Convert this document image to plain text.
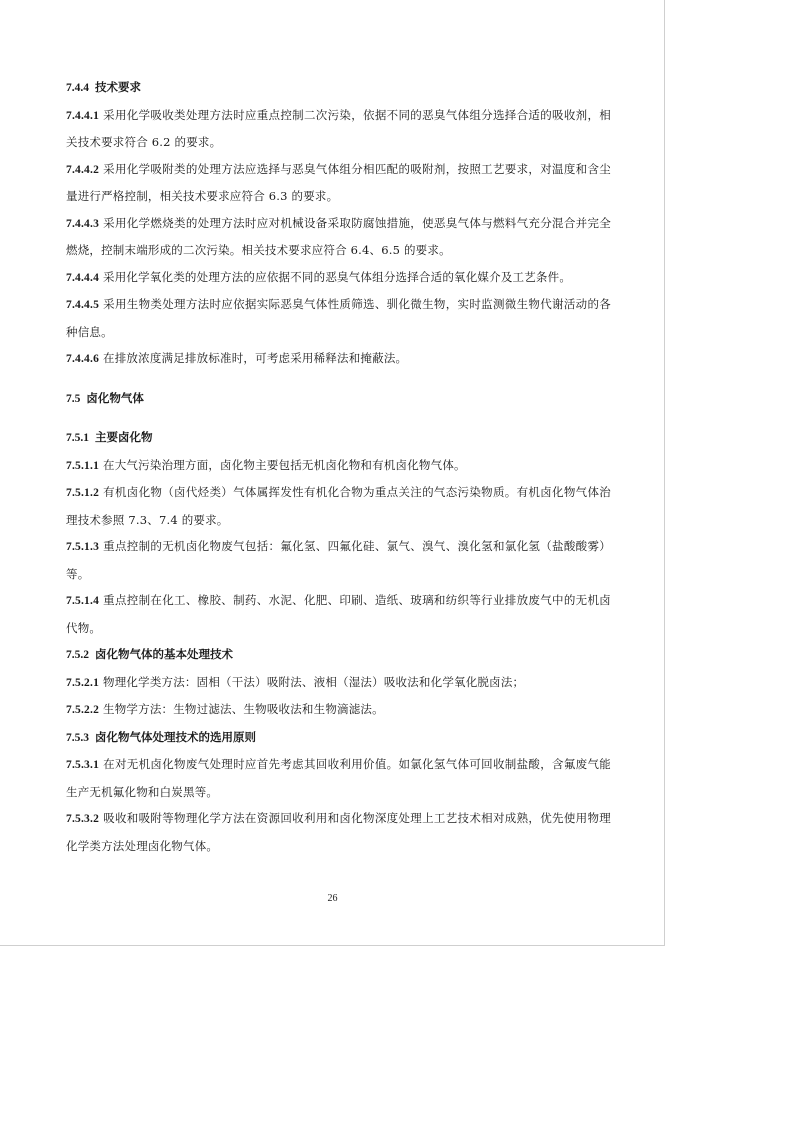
7.4.4 技术要求

7.4.4.1 采用化学吸收类处理方法时应重点控制二次污染，依据不同的恶臭气体组分选择合适的吸收剂，相关技术要求符合 6.2 的要求。

7.4.4.2 采用化学吸附类的处理方法应选择与恶臭气体组分相匹配的吸附剂，按照工艺要求，对温度和含尘量进行严格控制，相关技术要求应符合 6.3 的要求。

7.4.4.3 采用化学燃烧类的处理方法时应对机械设备采取防腐蚀措施，使恶臭气体与燃料气充分混合并完全燃烧，控制末端形成的二次污染。相关技术要求应符合 6.4、6.5 的要求。

7.4.4.4 采用化学氧化类的处理方法的应依据不同的恶臭气体组分选择合适的氧化媒介及工艺条件。

7.4.4.5 采用生物类处理方法时应依据实际恶臭气体性质筛选、驯化微生物，实时监测微生物代谢活动的各种信息。

7.4.4.6 在排放浓度满足排放标准时，可考虑采用稀释法和掩蔽法。

7.5 卤化物气体

7.5.1 主要卤化物

7.5.1.1 在大气污染治理方面，卤化物主要包括无机卤化物和有机卤化物气体。

7.5.1.2 有机卤化物（卤代烃类）气体属挥发性有机化合物为重点关注的气态污染物质。有机卤化物气体治理技术参照 7.3、7.4 的要求。

7.5.1.3 重点控制的无机卤化物废气包括：氟化氢、四氟化硅、氯气、溴气、溴化氢和氯化氢（盐酸酸雾）等。

7.5.1.4 重点控制在化工、橡胶、制药、水泥、化肥、印刷、造纸、玻璃和纺织等行业排放废气中的无机卤代物。

7.5.2 卤化物气体的基本处理技术

7.5.2.1 物理化学类方法：固相（干法）吸附法、液相（湿法）吸收法和化学氧化脱卤法；

7.5.2.2 生物学方法：生物过滤法、生物吸收法和生物滴滤法。

7.5.3 卤化物气体处理技术的选用原则

7.5.3.1 在对无机卤化物废气处理时应首先考虑其回收利用价值。如氯化氢气体可回收制盐酸，含氟废气能生产无机氟化物和白炭黑等。

7.5.3.2 吸收和吸附等物理化学方法在资源回收利用和卤化物深度处理上工艺技术相对成熟，优先使用物理化学类方法处理卤化物气体。

26
